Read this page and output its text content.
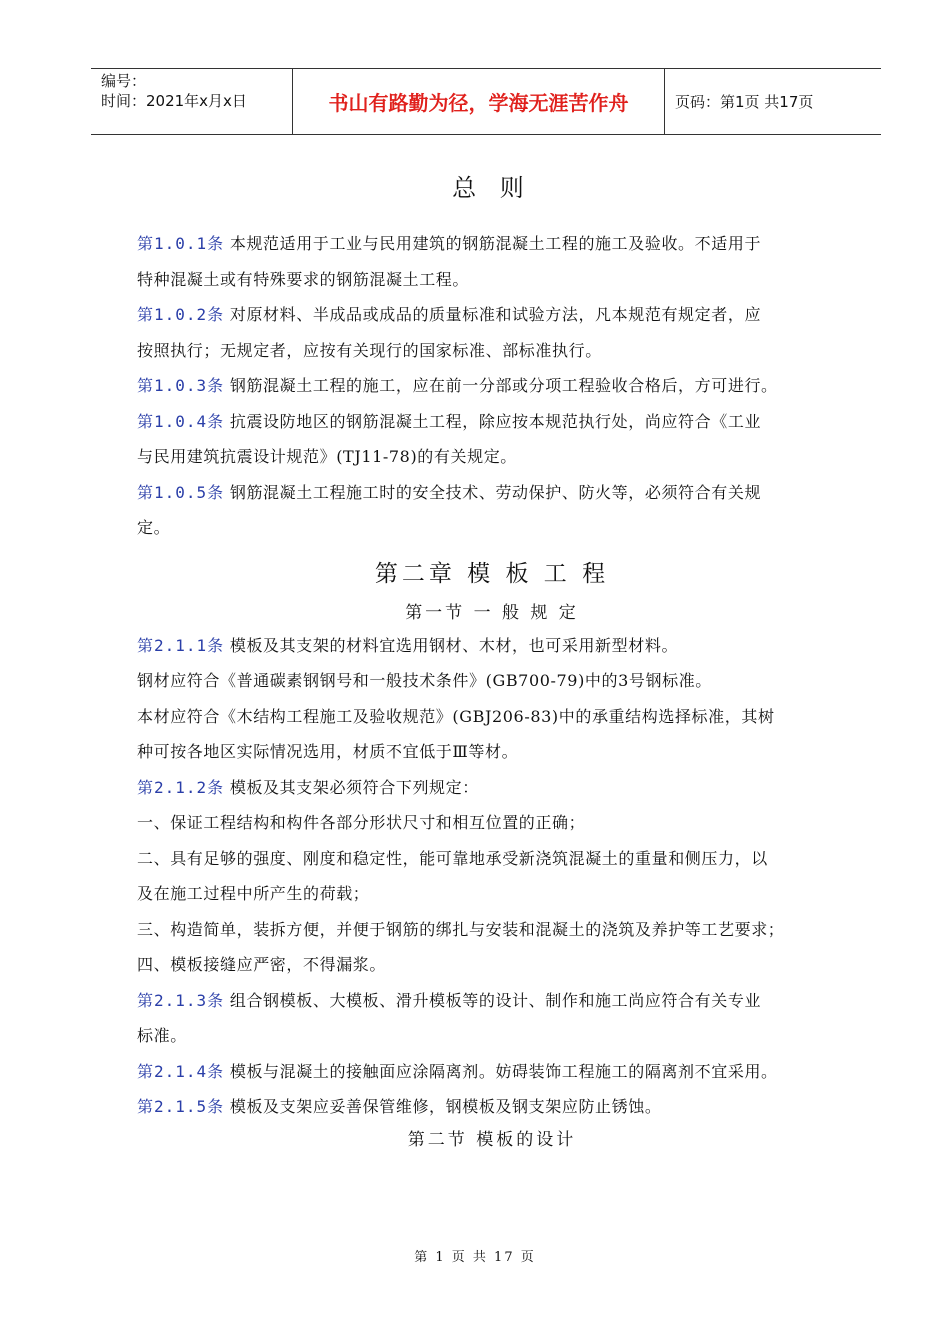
编号：
时间：2021年x月x日	书山有路勤为径，学海无涯苦作舟	页码：第1页 共17页
总 则

第1.0.1条 本规范适用于工业与民用建筑的钢筋混凝土工程的施工及验收。不适用于

特种混凝土或有特殊要求的钢筋混凝土工程。

第1.0.2条 对原材料、半成品或成品的质量标准和试验方法，凡本规范有规定者，应

按照执行；无规定者，应按有关现行的国家标准、部标准执行。

第1.0.3条 钢筋混凝土工程的施工，应在前一分部或分项工程验收合格后，方可进行。

第1.0.4条 抗震设防地区的钢筋混凝土工程，除应按本规范执行处，尚应符合《工业

与民用建筑抗震设计规范》(TJ11-78)的有关规定。

第1.0.5条 钢筋混凝土工程施工时的安全技术、劳动保护、防火等，必须符合有关规

定。

第二章 模 板 工 程
第一节 一 般 规 定

第2.1.1条 模板及其支架的材料宜选用钢材、木材，也可采用新型材料。

钢材应符合《普通碳素钢钢号和一般技术条件》(GB700-79)中的3号钢标准。

本材应符合《木结构工程施工及验收规范》(GBJ206-83)中的承重结构选择标准，其树

种可按各地区实际情况选用，材质不宜低于Ⅲ等材。

第2.1.2条 模板及其支架必须符合下列规定：

一、保证工程结构和构件各部分形状尺寸和相互位置的正确；

二、具有足够的强度、刚度和稳定性，能可靠地承受新浇筑混凝土的重量和侧压力，以

及在施工过程中所产生的荷载；

三、构造简单，装拆方便，并便于钢筋的绑扎与安装和混凝土的浇筑及养护等工艺要求；

四、模板接缝应严密，不得漏浆。

第2.1.3条 组合钢模板、大模板、滑升模板等的设计、制作和施工尚应符合有关专业

标准。

第2.1.4条 模板与混凝土的接触面应涂隔离剂。妨碍装饰工程施工的隔离剂不宜采用。

第2.1.5条 模板及支架应妥善保管维修，钢模板及钢支架应防止锈蚀。

第二节 模板的设计
第 1 页 共 17 页
